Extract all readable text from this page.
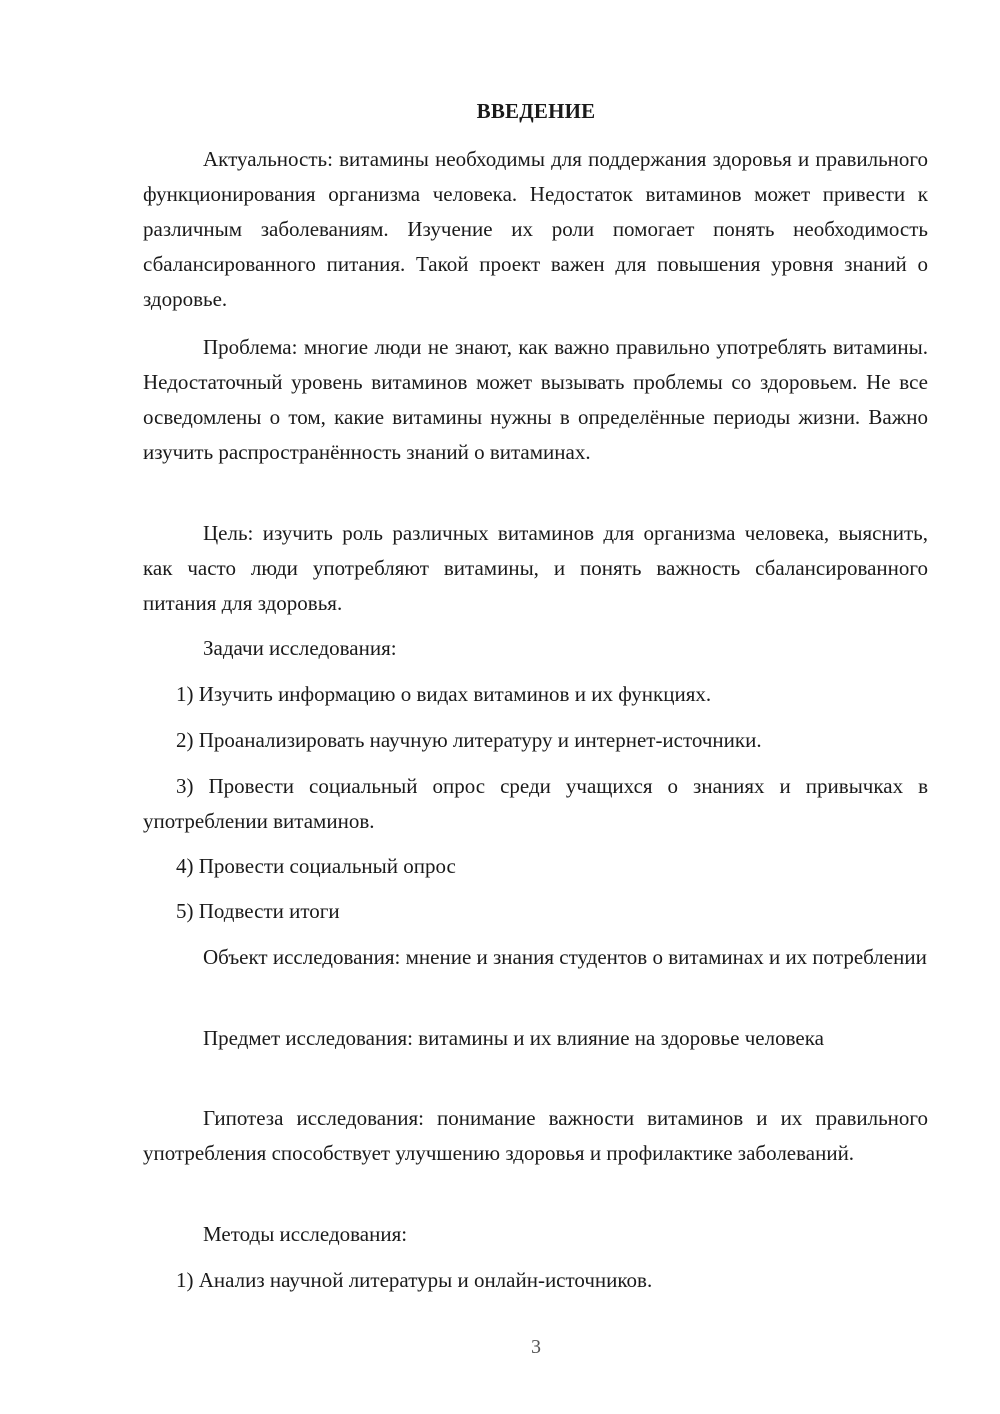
ВВЕДЕНИЕ

Актуальность: витамины необходимы для поддержания здоровья и правильного функционирования организма человека. Недостаток витаминов может привести к различным заболеваниям. Изучение их роли помогает понять необходимость сбалансированного питания. Такой проект важен для повышения уровня знаний о здоровье.

Проблема: многие люди не знают, как важно правильно употреблять витамины. Недостаточный уровень витаминов может вызывать проблемы со здоровьем. Не все осведомлены о том, какие витамины нужны в определённые периоды жизни. Важно изучить распространённость знаний о витаминах.

Цель: изучить роль различных витаминов для организма человека, выяснить, как часто люди употребляют витамины, и понять важность сбалансированного питания для здоровья.

Задачи исследования:

1) Изучить информацию о видах витаминов и их функциях.

2) Проанализировать научную литературу и интернет-источники.

3) Провести социальный опрос среди учащихся о знаниях и привычках в употреблении витаминов.

4) Провести социальный опрос

5) Подвести итоги

Объект исследования: мнение и знания студентов о витаминах и их потреблении

Предмет исследования: витамины и их влияние на здоровье человека

Гипотеза исследования: понимание важности витаминов и их правильного употребления способствует улучшению здоровья и профилактике заболеваний.

Методы исследования:

1) Анализ научной литературы и онлайн-источников.

3
